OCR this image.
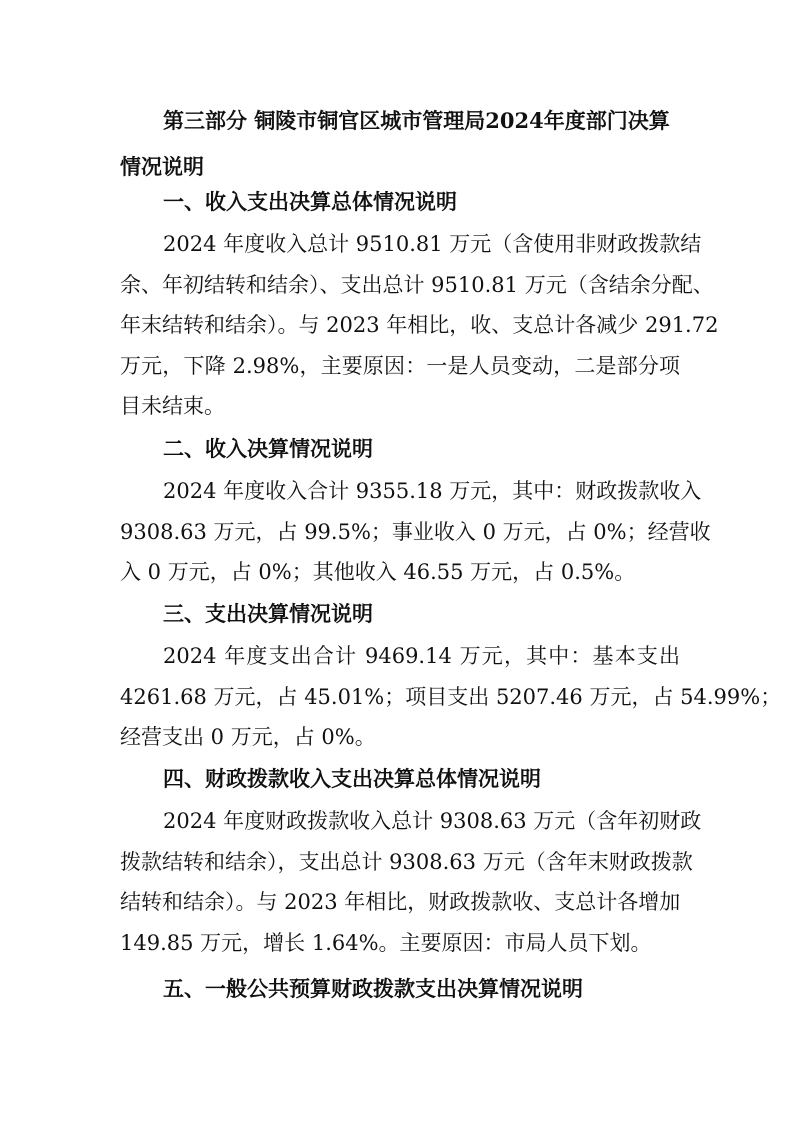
第三部分 铜陵市铜官区城市管理局2024年度部门决算
情况说明
一、收入支出决算总体情况说明
2024 年度收入总计 9510.81 万元（含使用非财政拨款结
余、年初结转和结余）、支出总计 9510.81 万元（含结余分配、
年末结转和结余）。与 2023 年相比，收、支总计各减少 291.72
万元，下降 2.98%，主要原因：一是人员变动，二是部分项
目未结束。
二、收入决算情况说明
2024 年度收入合计 9355.18 万元，其中：财政拨款收入
9308.63 万元，占 99.5%；事业收入 0 万元，占 0%；经营收
入 0 万元，占 0%；其他收入 46.55 万元，占 0.5%。
三、支出决算情况说明
2024 年度支出合计 9469.14 万元，其中：基本支出
4261.68 万元，占 45.01%；项目支出 5207.46 万元，占 54.99%；
经营支出 0 万元，占 0%。
四、财政拨款收入支出决算总体情况说明
2024 年度财政拨款收入总计 9308.63 万元（含年初财政
拨款结转和结余），支出总计 9308.63 万元（含年末财政拨款
结转和结余）。与 2023 年相比，财政拨款收、支总计各增加
149.85 万元，增长 1.64%。主要原因：市局人员下划。
五、一般公共预算财政拨款支出决算情况说明
